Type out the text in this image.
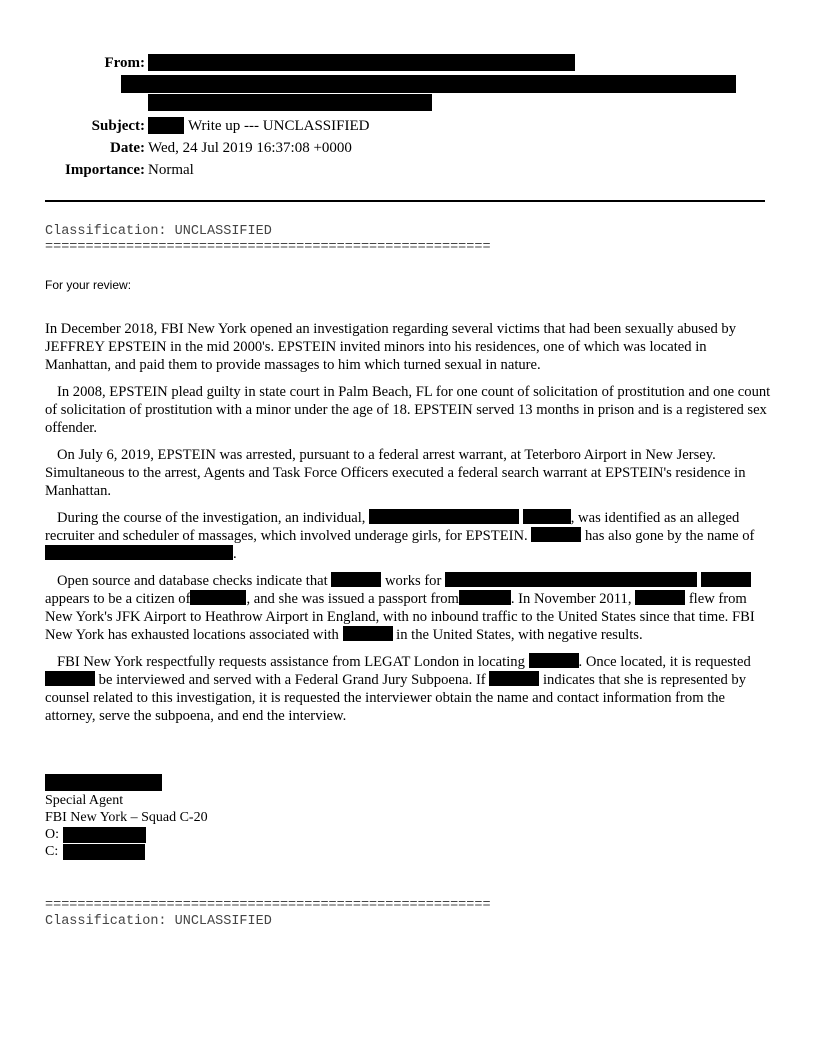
From:
Subject:	Write up --- UNCLASSIFIED
Date: Wed, 24 Jul 2019 16:37:08 +0000
Importance: Normal
Classification: UNCLASSIFIED
=======================================================
For your review:

In December 2018, FBI New York opened an investigation regarding several victims that had been sexually abused by JEFFREY EPSTEIN in the mid 2000's. EPSTEIN invited minors into his residences, one of which was located in Manhattan, and paid them to provide massages to him which turned sexual in nature.

In 2008, EPSTEIN plead guilty in state court in Palm Beach, FL for one count of solicitation of prostitution and one count of solicitation of prostitution with a minor under the age of 18. EPSTEIN served 13 months in prison and is a registered sex offender.

On July 6, 2019, EPSTEIN was arrested, pursuant to a federal arrest warrant, at Teterboro Airport in New Jersey. Simultaneous to the arrest, Agents and Task Force Officers executed a federal search warrant at EPSTEIN's residence in Manhattan.

During the course of the investigation, an individual,	, was identified as an alleged recruiter and scheduler of massages, which involved underage girls, for EPSTEIN.	has also gone by the name of.

Open source and database checks indicate that	works for   appears to be a citizen of	, and she was issued a passport from	. In November 2011,	flew from New York's JFK Airport to Heathrow Airport in England, with no inbound traffic to the United States since that time. FBI New York has exhausted locations associated with	in the United States, with negative results.

FBI New York respectfully requests assistance from LEGAT London in locating	. Once located, it is requested  be interviewed and served with a Federal Grand Jury Subpoena. If	indicates that she is represented by counsel related to this investigation, it is requested the interviewer obtain the name and contact information from the attorney, serve the subpoena, and end the interview.

Special Agent
FBI New York – Squad C-20
O:
C:
=======================================================
Classification: UNCLASSIFIED
